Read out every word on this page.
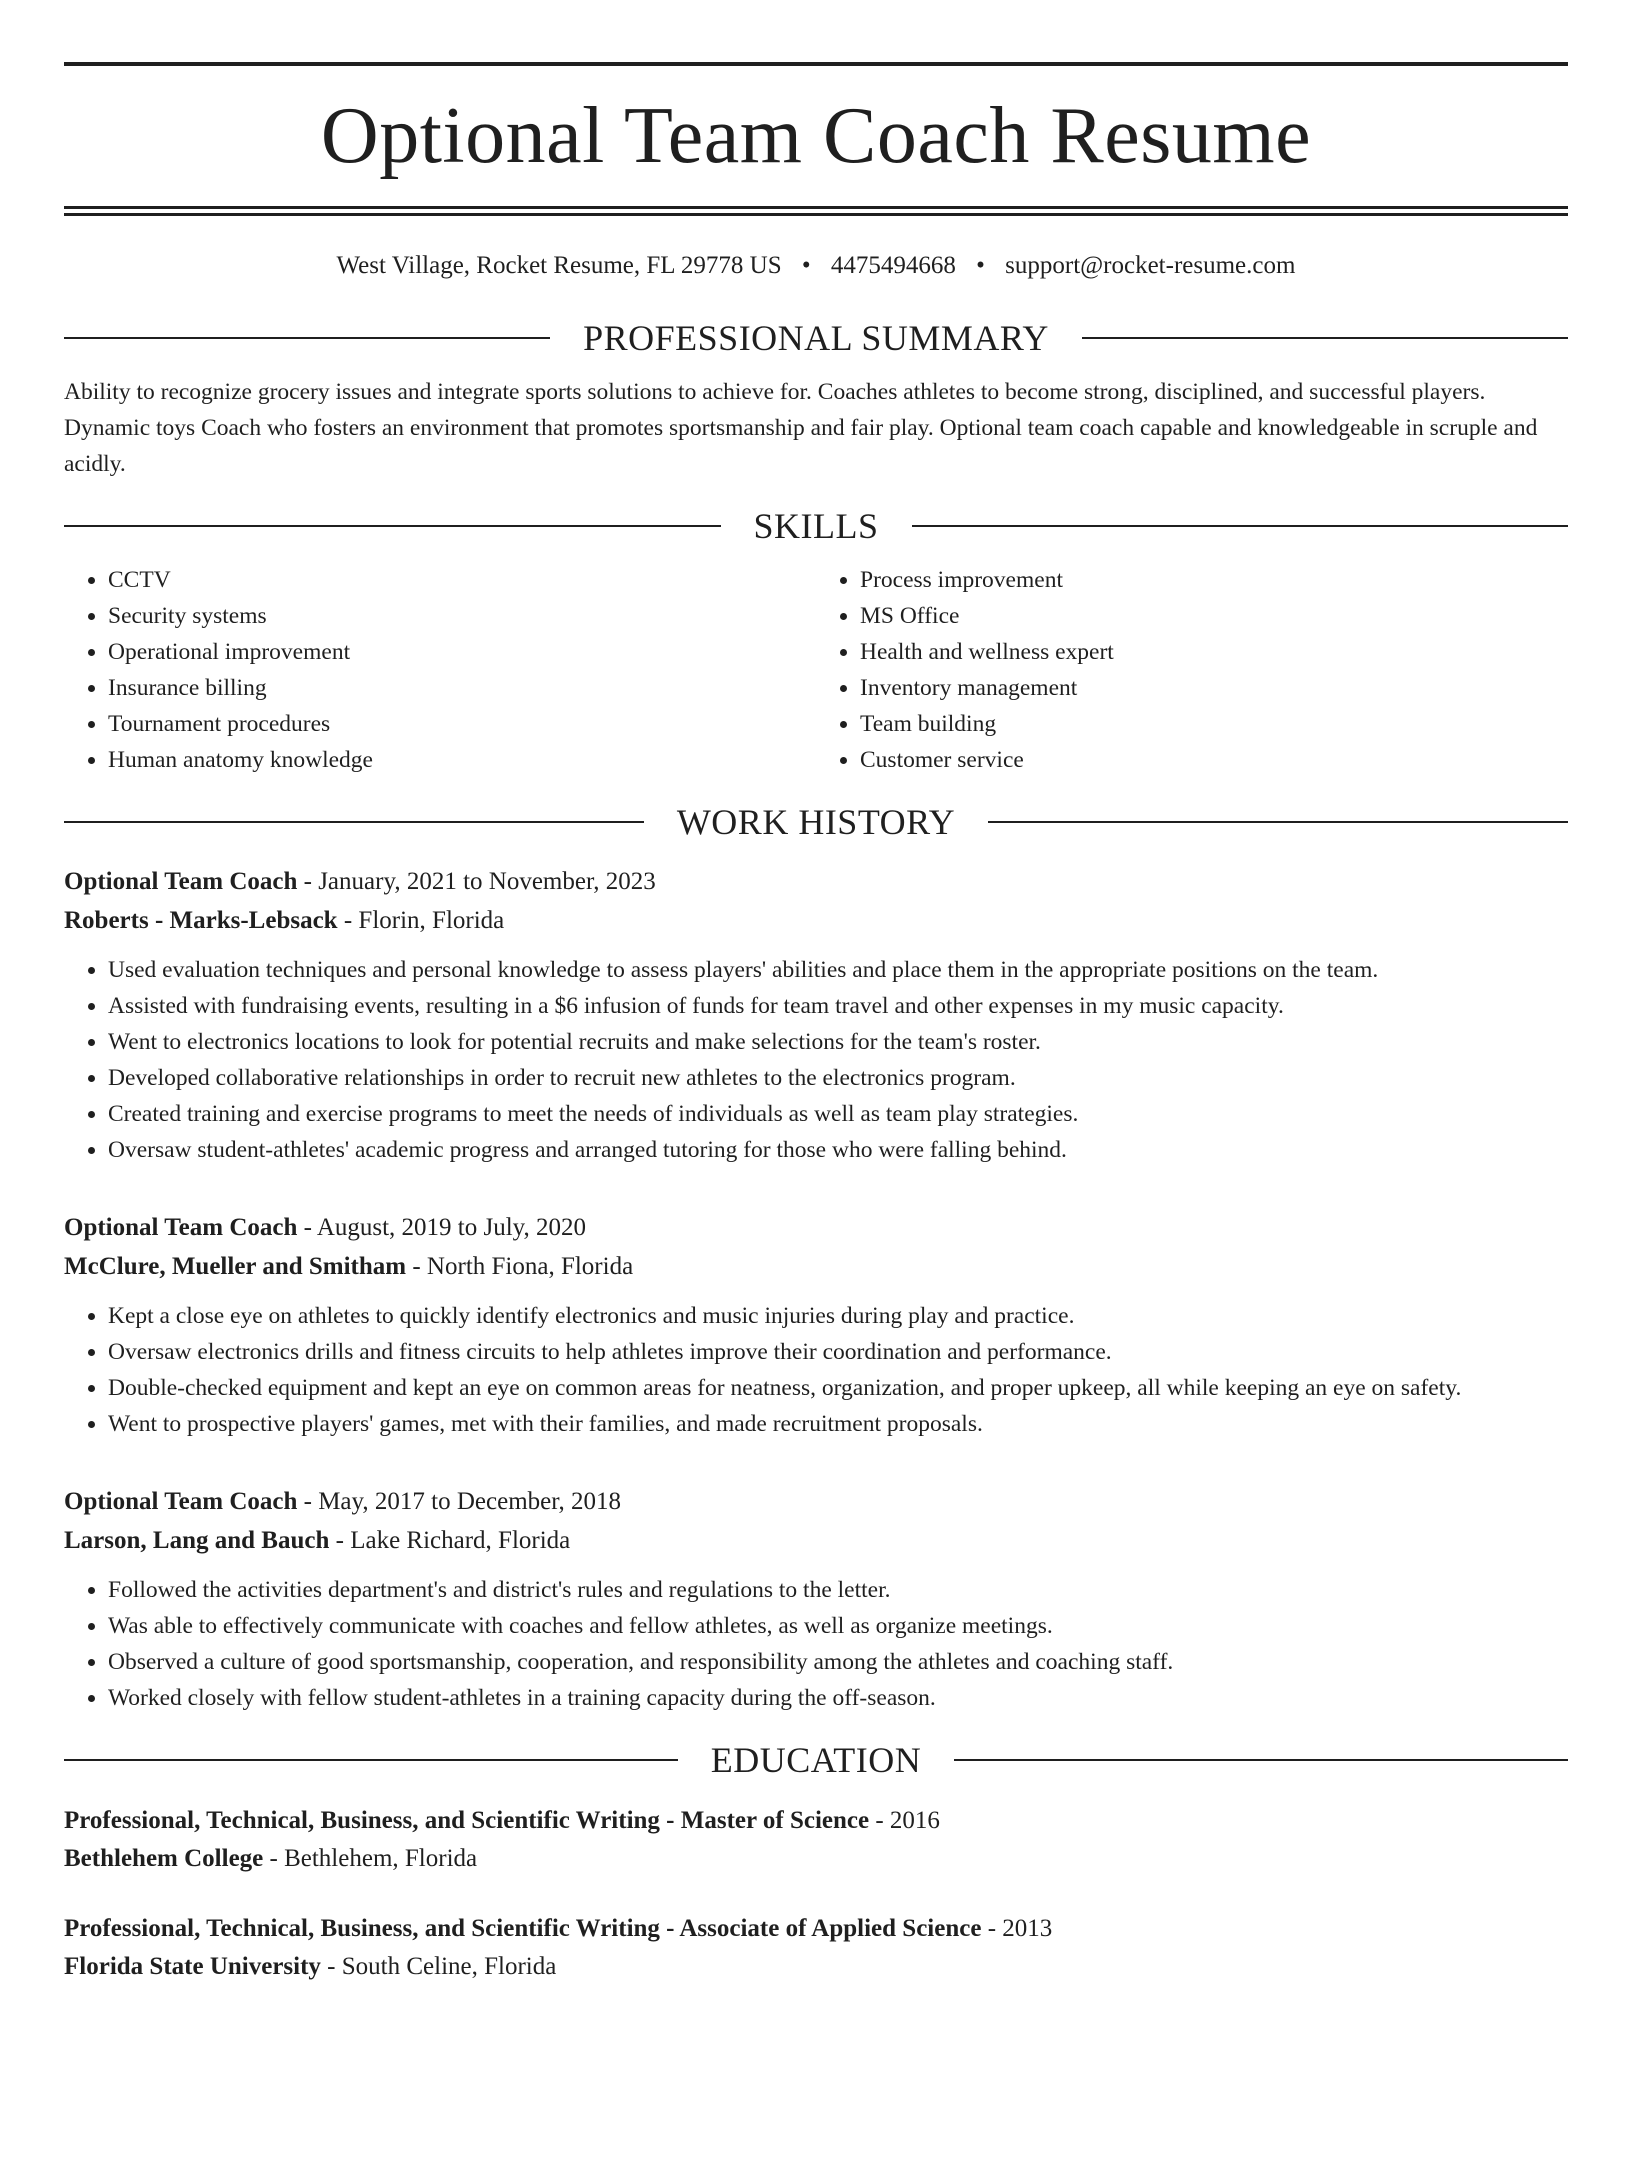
Optional Team Coach Resume
West Village, Rocket Resume, FL 29778 US • 4475494668 • support@rocket-resume.com
PROFESSIONAL SUMMARY

Ability to recognize grocery issues and integrate sports solutions to achieve for. Coaches athletes to become strong, disciplined, and successful players. Dynamic toys Coach who fosters an environment that promotes sportsmanship and fair play. Optional team coach capable and knowledgeable in scruple and acidly.

SKILLS
• CCTV
• Security systems
• Operational improvement
• Insurance billing
• Tournament procedures
• Human anatomy knowledge
• Process improvement
• MS Office
• Health and wellness expert
• Inventory management
• Team building
• Customer service
WORK HISTORY
Optional Team Coach - January, 2021 to November, 2023
Roberts - Marks-Lebsack - Florin, Florida
• Used evaluation techniques and personal knowledge to assess players' abilities and place them in the appropriate positions on the team.
• Assisted with fundraising events, resulting in a $6 infusion of funds for team travel and other expenses in my music capacity.
• Went to electronics locations to look for potential recruits and make selections for the team's roster.
• Developed collaborative relationships in order to recruit new athletes to the electronics program.
• Created training and exercise programs to meet the needs of individuals as well as team play strategies.
• Oversaw student-athletes' academic progress and arranged tutoring for those who were falling behind.
Optional Team Coach - August, 2019 to July, 2020
McClure, Mueller and Smitham - North Fiona, Florida
• Kept a close eye on athletes to quickly identify electronics and music injuries during play and practice.
• Oversaw electronics drills and fitness circuits to help athletes improve their coordination and performance.
• Double-checked equipment and kept an eye on common areas for neatness, organization, and proper upkeep, all while keeping an eye on safety.
• Went to prospective players' games, met with their families, and made recruitment proposals.
Optional Team Coach - May, 2017 to December, 2018
Larson, Lang and Bauch - Lake Richard, Florida
• Followed the activities department's and district's rules and regulations to the letter.
• Was able to effectively communicate with coaches and fellow athletes, as well as organize meetings.
• Observed a culture of good sportsmanship, cooperation, and responsibility among the athletes and coaching staff.
• Worked closely with fellow student-athletes in a training capacity during the off-season.
EDUCATION
Professional, Technical, Business, and Scientific Writing - Master of Science - 2016
Bethlehem College - Bethlehem, Florida
Professional, Technical, Business, and Scientific Writing - Associate of Applied Science - 2013
Florida State University - South Celine, Florida
